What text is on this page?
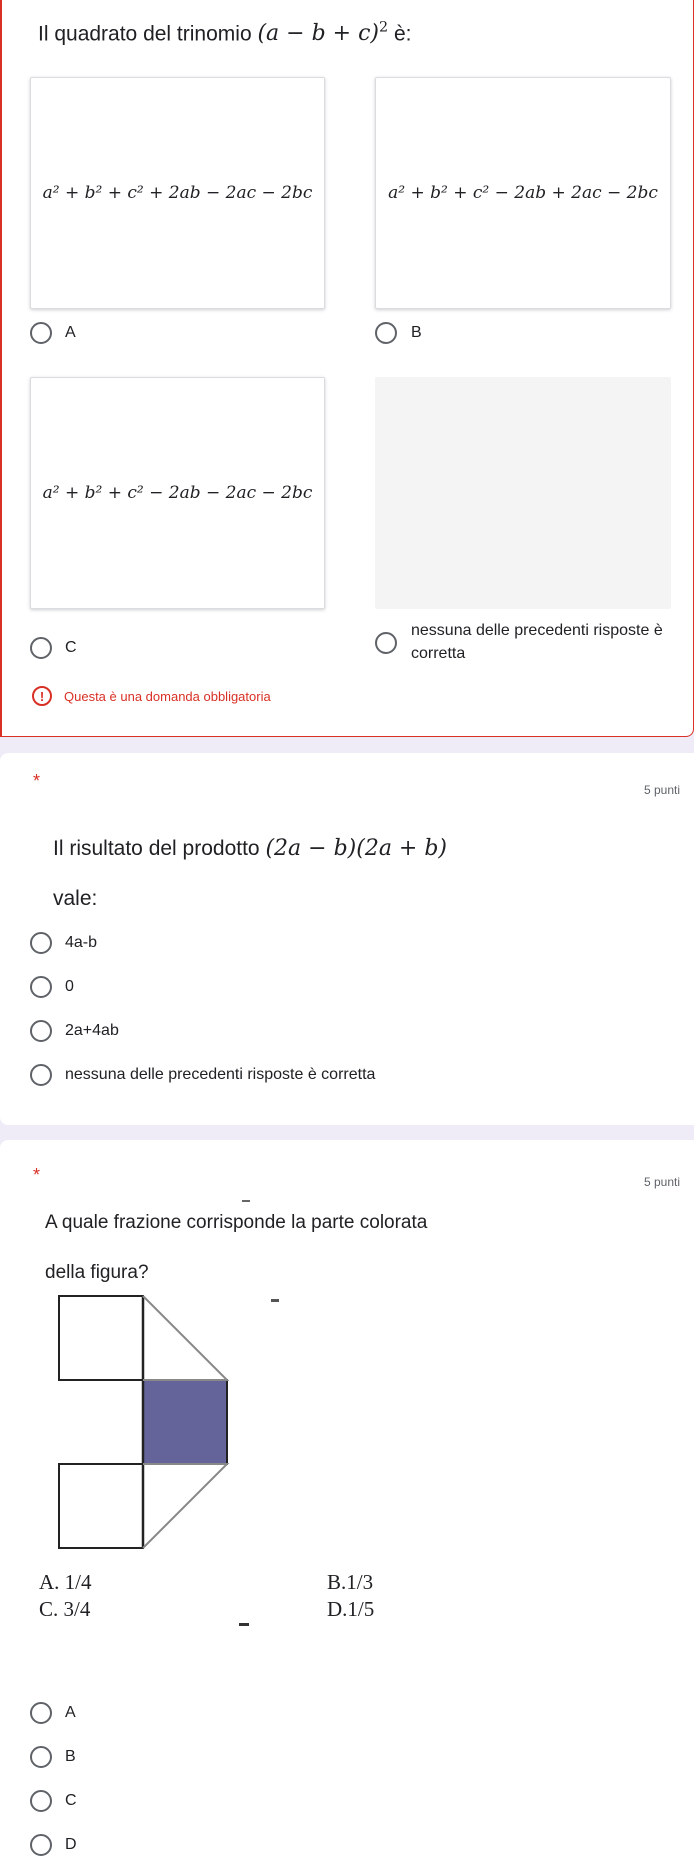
Il quadrato del trinomio $(a - b + c)^2$ è:
a² + b² + c² + 2ab − 2ac − 2bc	a² + b² + c² − 2ab + 2ac − 2bc
a² + b² + c² − 2ab − 2ac − 2bc
A	B
C
nessuna delle precedenti risposte è
corretta
!	Questa è una domanda obbligatoria
*	5 punti
Il risultato del prodotto (2a − b)(2a + b)
vale:
4a-b
0
2a+4ab
nessuna delle precedenti risposte è corretta
*	5 punti
A quale frazione corrisponde la parte colorata
della figura?
A. 1/4	B.1/3
C. 3/4	D.1/5
A
B
C
D
